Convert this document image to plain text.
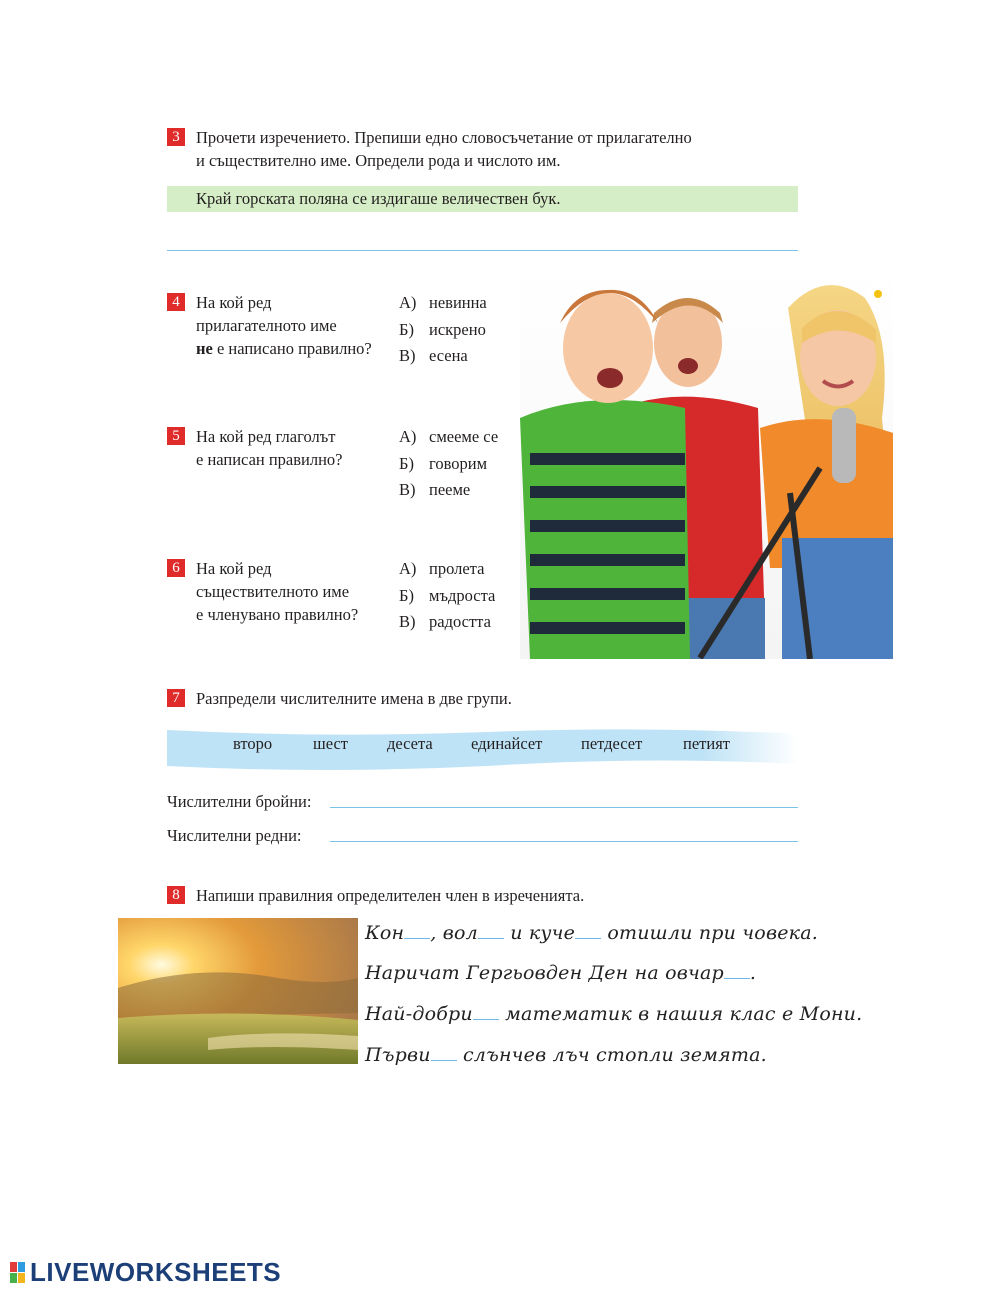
3 Прочети изречението. Препиши едно словосъчетание от прилагателно
и съществително име. Определи рода и числото им.
Край горската поляна се издигаше величествен бук.
4 На кой ред
прилагателното име
не е написано правилно?
А) невинна
Б) искрено
В) есена
5 На кой ред глаголът
е написан правилно?
А) смееме се
Б) говорим
В) пееме
6 На кой ред
съществителното име
е членувано правилно?
А) пролета
Б) мъдроста
В) радостта
7 Разпредели числителните имена в две групи.
второ шест десета единайсет петдесет петият
Числителни бройни:
Числителни редни:
8 Напиши правилния определителен член в изреченията.
Кон , вол и куче отишли при човека.
Наричат Гергьовден Ден на овчар .
Най-добри математик в нашия клас е Мони.
Първи слънчев лъч стопли земята.
LIVEWORKSHEETS
